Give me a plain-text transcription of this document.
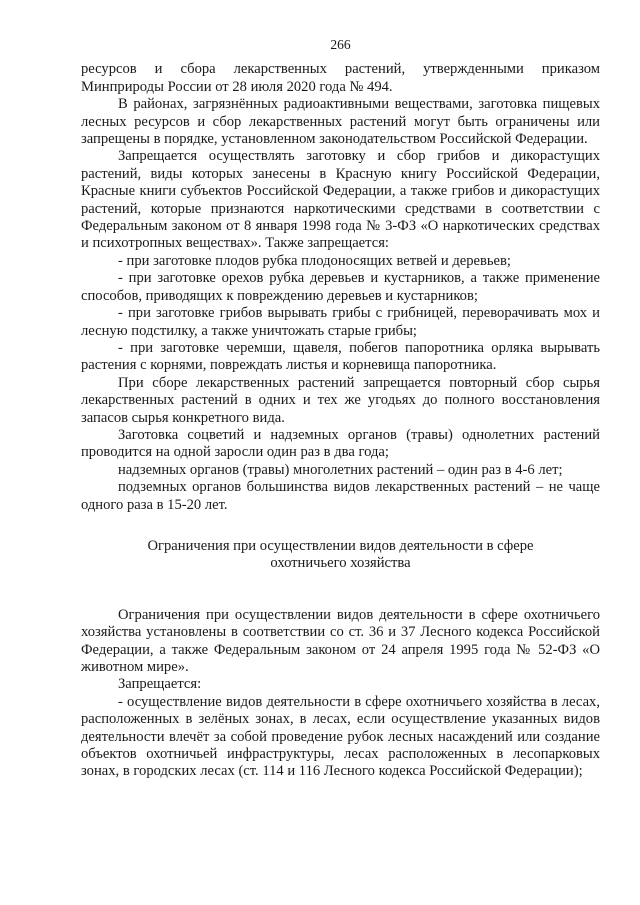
266

ресурсов и сбора лекарственных растений, утвержденными приказом Минприроды России от 28 июля 2020 года № 494.

В районах, загрязнённых радиоактивными веществами, заготовка пищевых лесных ресурсов и сбор лекарственных растений могут быть ограничены или запрещены в порядке, установленном законодательством Российской Федерации.

Запрещается осуществлять заготовку и сбор грибов и дикорастущих растений, виды которых занесены в Красную книгу Российской Федерации, Красные книги субъектов Российской Федерации, а также грибов и дикорастущих растений, которые признаются наркотическими средствами в соответствии с Федеральным законом от 8 января 1998 года № 3-ФЗ «О наркотических средствах и психотропных веществах». Также запрещается:

- при заготовке плодов рубка плодоносящих ветвей и деревьев;

- при заготовке орехов рубка деревьев и кустарников, а также применение способов, приводящих к повреждению деревьев и кустарников;

- при заготовке грибов вырывать грибы с грибницей, переворачивать мох и лесную подстилку, а также уничтожать старые грибы;

- при заготовке черемши, щавеля, побегов папоротника орляка вырывать растения с корнями, повреждать листья и корневища папоротника.

При сборе лекарственных растений запрещается повторный сбор сырья лекарственных растений в одних и тех же угодьях до полного восстановления запасов сырья конкретного вида.

Заготовка соцветий и надземных органов (травы) однолетних растений проводится на одной заросли один раз в два года;

надземных органов (травы) многолетних растений – один раз в 4-6 лет;

подземных органов большинства видов лекарственных растений – не чаще одного раза в 15-20 лет.

Ограничения при осуществлении видов деятельности в сфере
охотничьего хозяйства

Ограничения при осуществлении видов деятельности в сфере охотничьего хозяйства установлены в соответствии со ст. 36 и 37 Лесного кодекса Российской Федерации, а также Федеральным законом от 24 апреля 1995 года № 52-ФЗ «О животном мире».

Запрещается:

- осуществление видов деятельности в сфере охотничьего хозяйства в лесах, расположенных в зелёных зонах, в лесах, если осуществление указанных видов деятельности влечёт за собой проведение рубок лесных насаждений или создание объектов охотничьей инфраструктуры, лесах расположенных в лесопарковых зонах, в городских лесах (ст. 114 и 116 Лесного кодекса Российской Федерации);
